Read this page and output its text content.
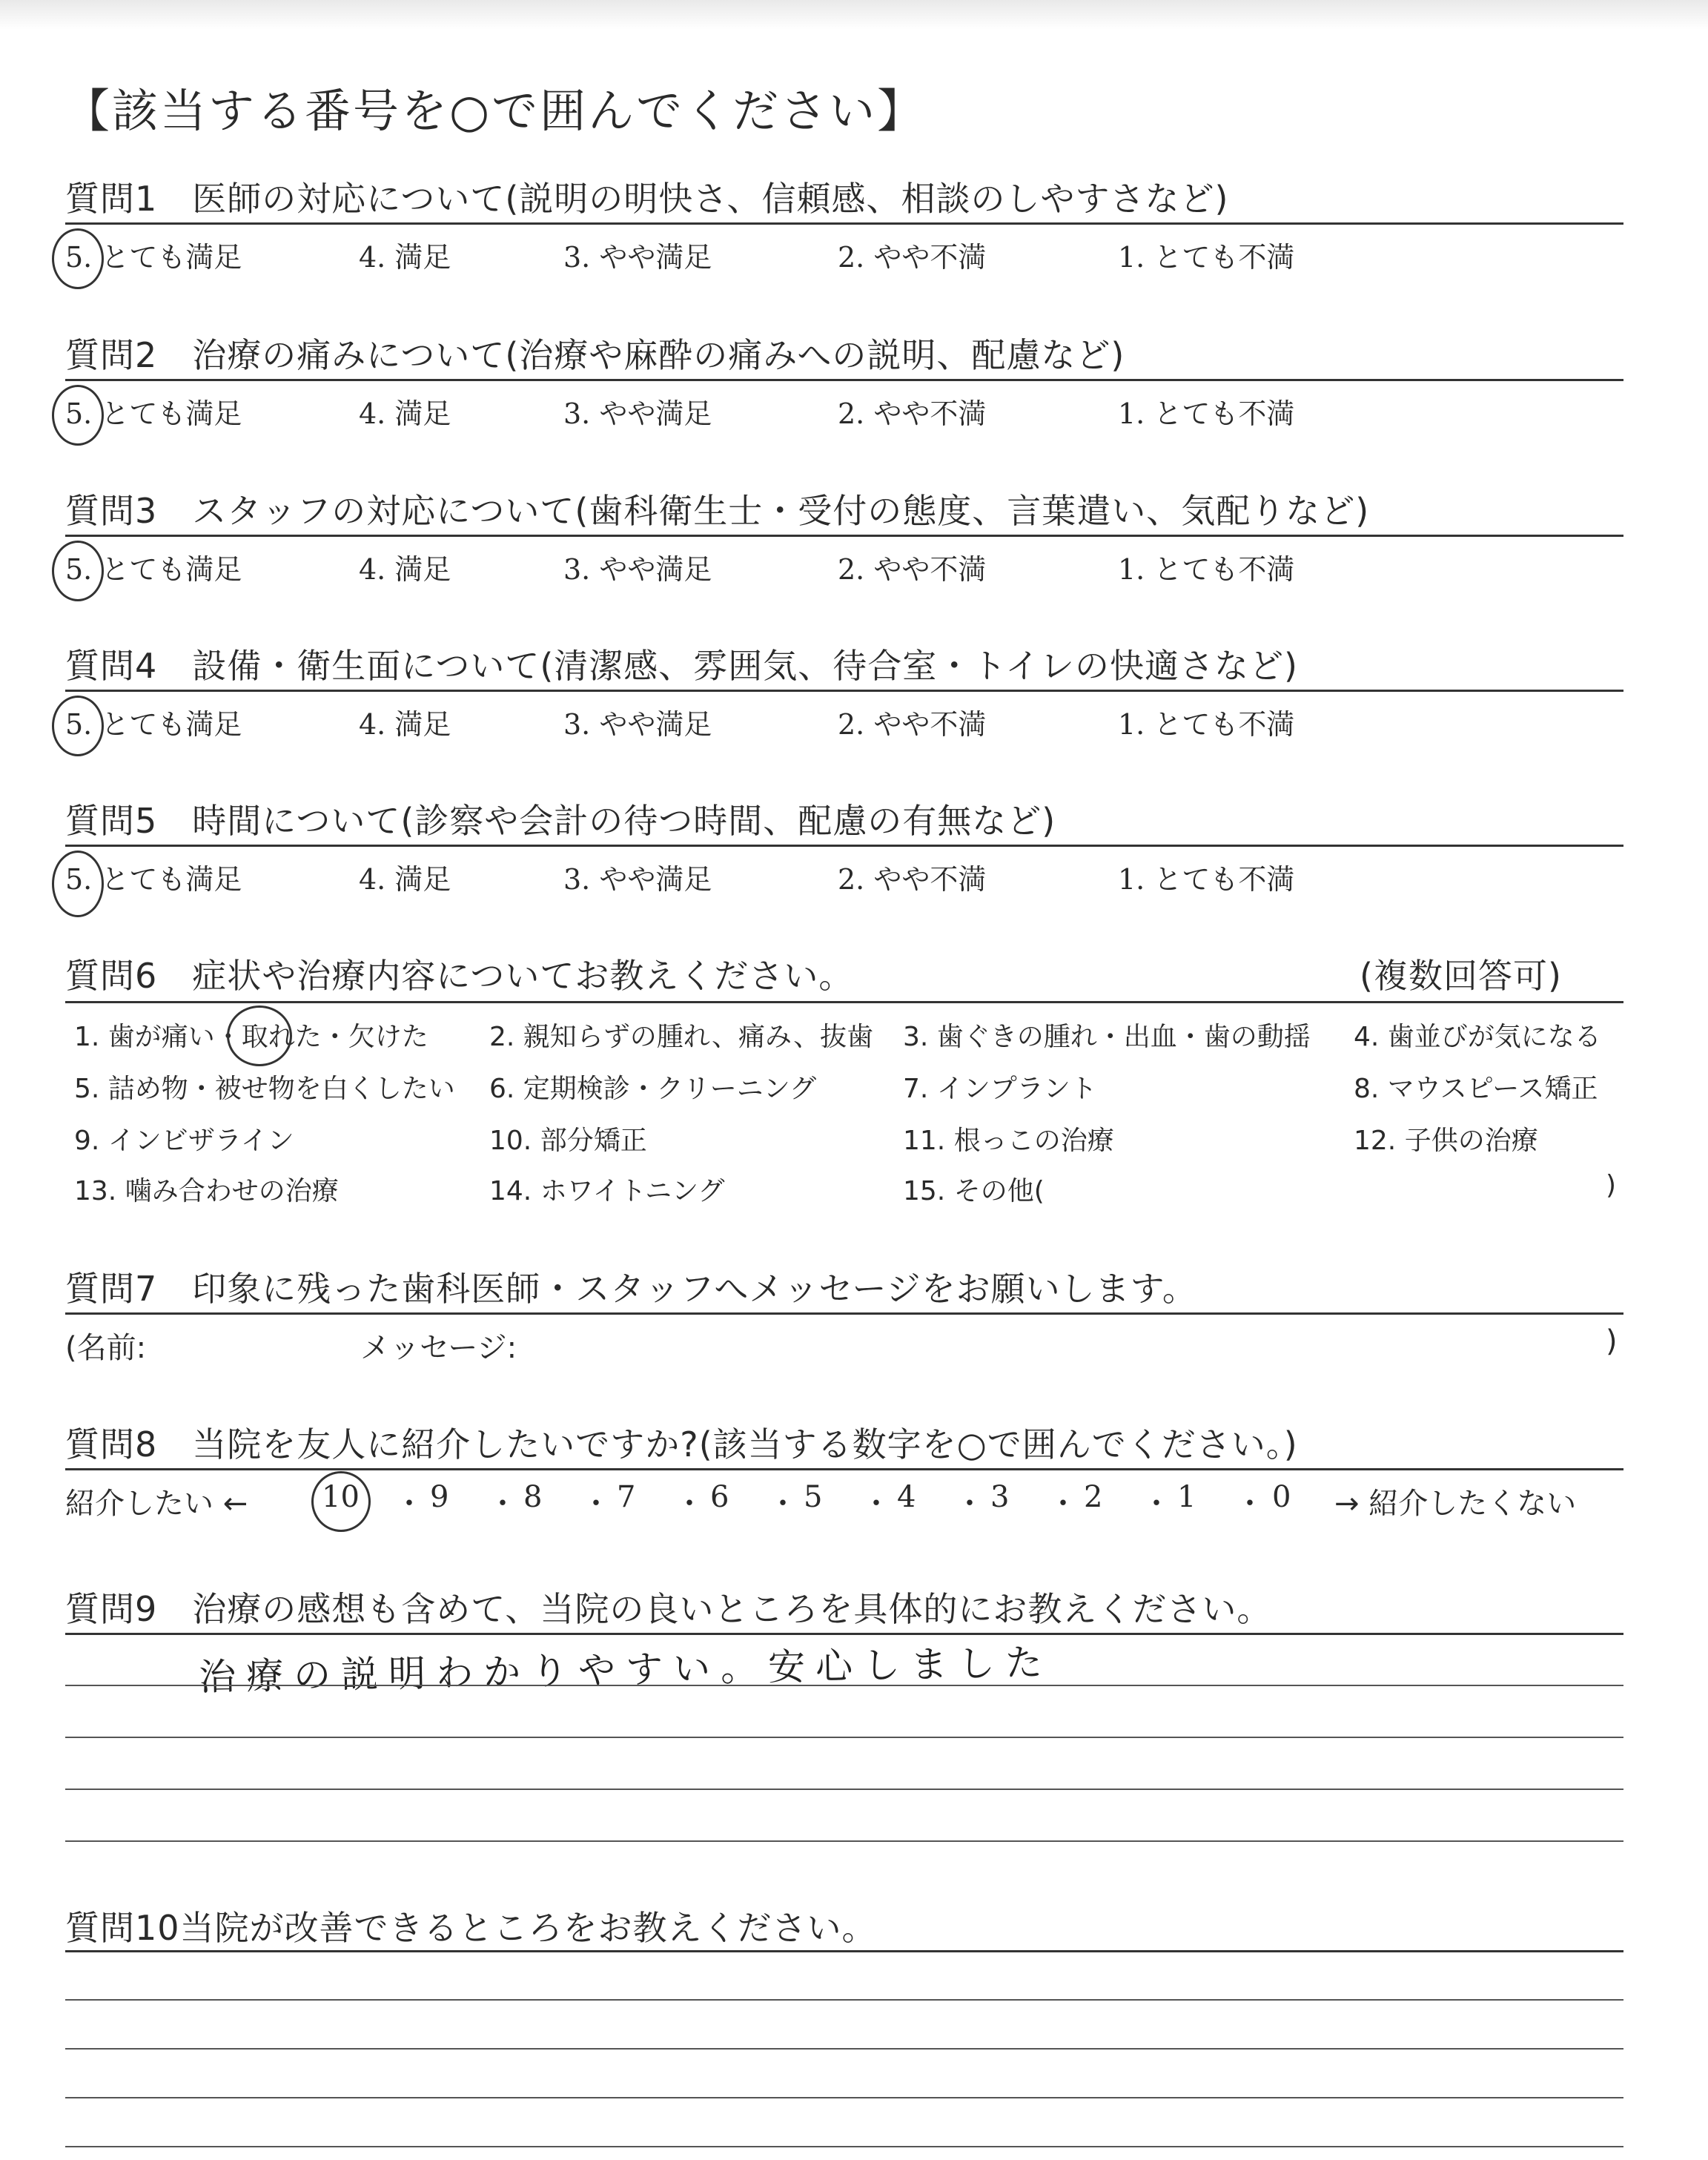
【該当する番号を○で囲んでください】
質問1　 医師の対応について(説明の明快さ、信頼感、相談のしやすさなど)
5. とても満足	4. 満足	3. やや満足	2. やや不満	1. とても不満
質問2　 治療の痛みについて(治療や麻酔の痛みへの説明、配慮など)
5. とても満足	4. 満足	3. やや満足	2. やや不満	1. とても不満
質問3　 スタッフの対応について(歯科衛生士・受付の態度、言葉遣い、気配りなど)
5. とても満足	4. 満足	3. やや満足	2. やや不満	1. とても不満
質問4　 設備・衛生面について(清潔感、雰囲気、待合室・トイレの快適さなど)
5. とても満足	4. 満足	3. やや満足	2. やや不満	1. とても不満
質問5　 時間について(診察や会計の待つ時間、配慮の有無など)
5. とても満足	4. 満足	3. やや満足	2. やや不満	1. とても不満
質問6　 症状や治療内容についてお教えください。	(複数回答可)
1. 歯が痛い・取れた・欠けた 2. 親知らずの腫れ、痛み、抜歯 3. 歯ぐきの腫れ・出血・歯の動揺 4. 歯並びが気になる
5. 詰め物・被せ物を白くしたい 6. 定期検診・クリーニング	7. インプラント	8. マウスピース矯正
9. インビザライン	10. 部分矯正	11. 根っこの治療	12. 子供の治療
13. 噛み合わせの治療	14. ホワイトニング	15. その他(	)
質問7　 印象に残った歯科医師・スタッフへメッセージをお願いします。
(名前:	メッセージ:	)
質問8　 当院を友人に紹介したいですか?(該当する数字を○で囲んでください。)
紹介したい ←	→ 紹介したくない
10 ・ 9 ・ 8 ・ 7 ・ 6 ・ 5 ・ 4 ・ 3 ・ 2 ・ 1 ・ 0
質問9　 治療の感想も含めて、当院の良いところを具体的にお教えください。
治療の説明わかりやすい。安心しました
質問10当院が改善できるところをお教えください。
